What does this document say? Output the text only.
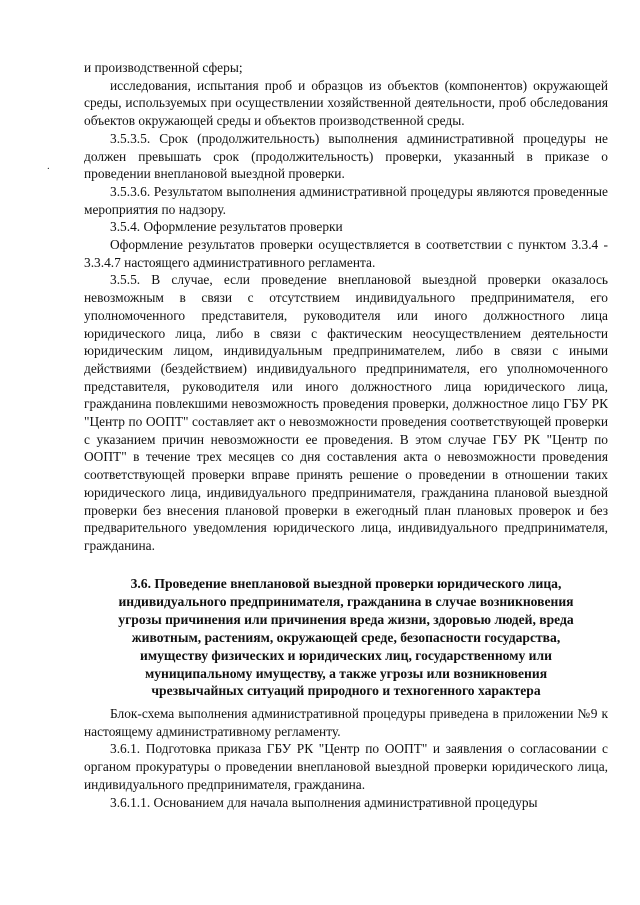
.

и производственной сферы;

исследования, испытания проб и образцов из объектов (компонентов) окружающей среды, используемых при осуществлении хозяйственной деятельности, проб обследования объектов окружающей среды и объектов производственной среды.

3.5.3.5. Срок (продолжительность) выполнения административной процедуры не должен превышать срок (продолжительность) проверки, указанный в приказе о проведении внеплановой выездной проверки.

3.5.3.6. Результатом выполнения административной процедуры являются проведенные мероприятия по надзору.

3.5.4. Оформление результатов проверки

Оформление результатов проверки осуществляется в соответствии с пунктом 3.3.4 - 3.3.4.7 настоящего административного регламента.

3.5.5. В случае, если проведение внеплановой выездной проверки оказалось невозможным в связи с отсутствием индивидуального предпринимателя, его уполномоченного представителя, руководителя или иного должностного лица юридического лица, либо в связи с фактическим неосуществлением деятельности юридическим лицом, индивидуальным предпринимателем, либо в связи с иными действиями (бездействием) индивидуального предпринимателя, его уполномоченного представителя, руководителя или иного должностного лица юридического лица, гражданина повлекшими невозможность проведения проверки, должностное лицо ГБУ РК "Центр по ООПТ" составляет акт о невозможности проведения соответствующей проверки с указанием причин невозможности ее проведения. В этом случае ГБУ РК "Центр по ООПТ" в течение трех месяцев со дня составления акта о невозможности проведения соответствующей проверки вправе принять решение о проведении в отношении таких юридического лица, индивидуального предпринимателя, гражданина плановой выездной проверки без внесения плановой проверки в ежегодный план плановых проверок и без предварительного уведомления юридического лица, индивидуального предпринимателя, гражданина.

3.6. Проведение внеплановой выездной проверки юридического лица,
индивидуального предпринимателя, гражданина в случае возникновения
угрозы причинения или причинения вреда жизни, здоровью людей, вреда
животным, растениям, окружающей среде, безопасности государства,
имуществу физических и юридических лиц, государственному или
муниципальному имуществу, а также угрозы или возникновения
чрезвычайных ситуаций природного и техногенного характера

Блок-схема выполнения административной процедуры приведена в приложении №9 к настоящему административному регламенту.

3.6.1. Подготовка приказа ГБУ РК "Центр по ООПТ" и заявления о согласовании с органом прокуратуры о проведении внеплановой выездной проверки юридического лица, индивидуального предпринимателя, гражданина.

3.6.1.1. Основанием для начала выполнения административной процедуры
